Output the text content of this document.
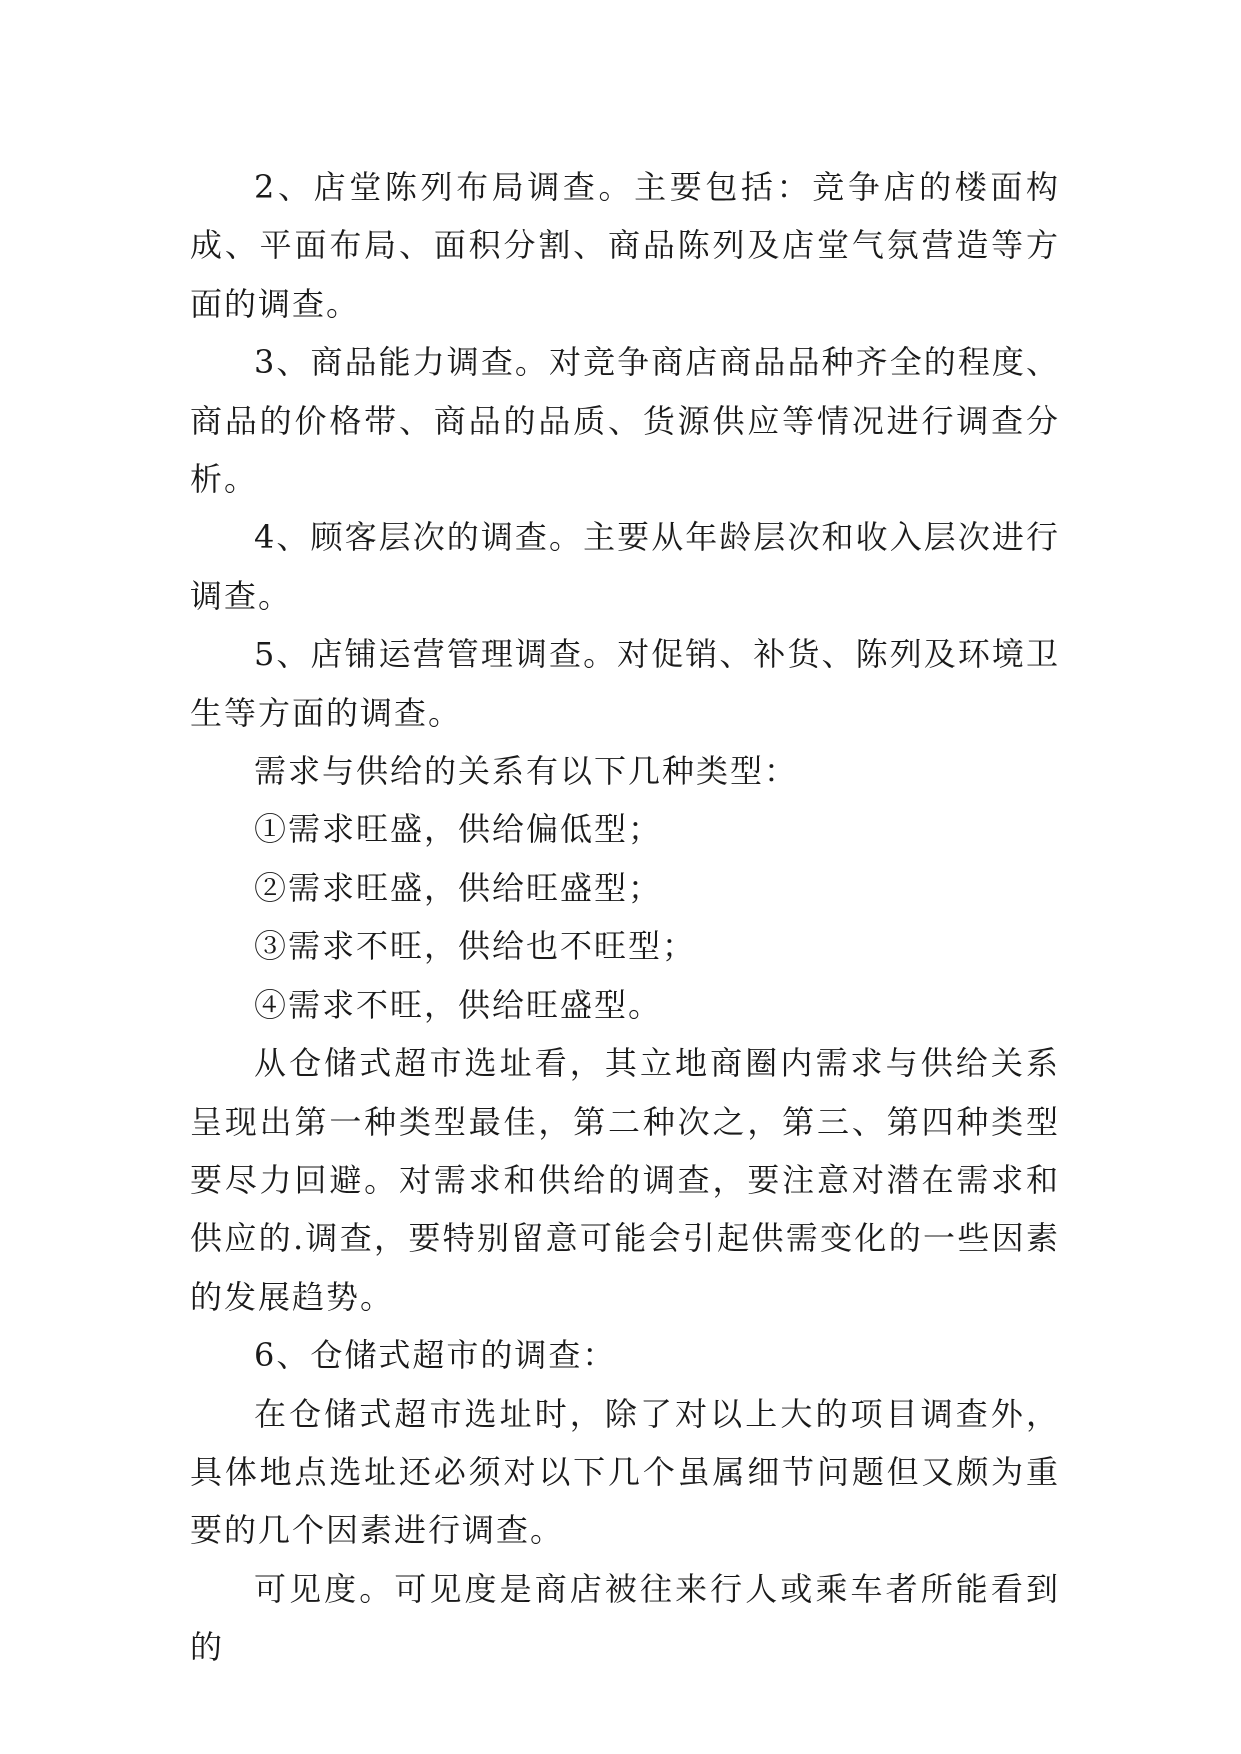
2、店堂陈列布局调查。主要包括：竞争店的楼面构成、平面布局、面积分割、商品陈列及店堂气氛营造等方面的调查。

3、商品能力调查。对竞争商店商品品种齐全的程度、商品的价格带、商品的品质、货源供应等情况进行调查分析。

4、顾客层次的调查。主要从年龄层次和收入层次进行调查。

5、店铺运营管理调查。对促销、补货、陈列及环境卫生等方面的调查。

需求与供给的关系有以下几种类型：

①需求旺盛，供给偏低型；

②需求旺盛，供给旺盛型；

③需求不旺，供给也不旺型；

④需求不旺，供给旺盛型。

从仓储式超市选址看，其立地商圈内需求与供给关系呈现出第一种类型最佳，第二种次之，第三、第四种类型要尽力回避。对需求和供给的调查，要注意对潜在需求和供应的.调查，要特别留意可能会引起供需变化的一些因素的发展趋势。

6、仓储式超市的调查：

在仓储式超市选址时，除了对以上大的项目调查外，具体地点选址还必须对以下几个虽属细节问题但又颇为重要的几个因素进行调查。

可见度。可见度是商店被往来行人或乘车者所能看到的
